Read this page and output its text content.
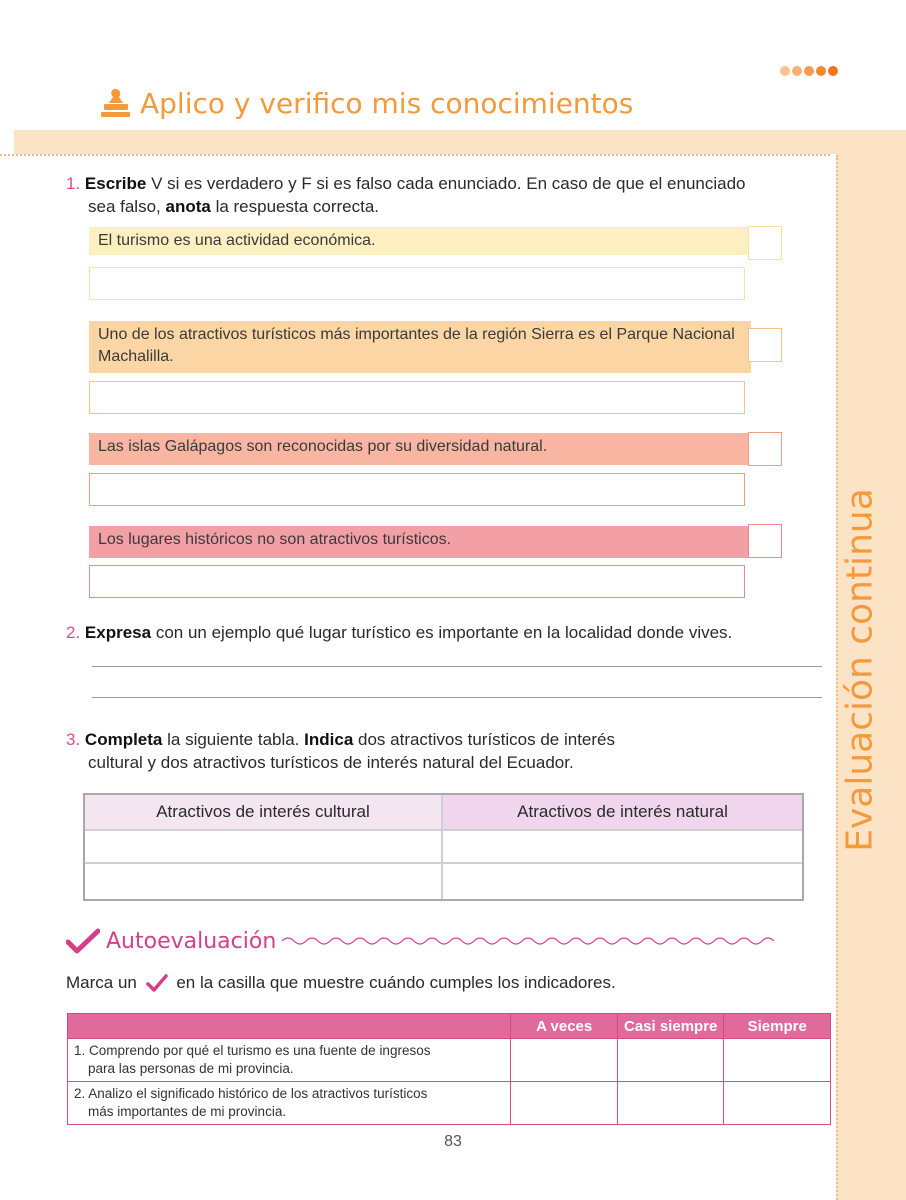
Evaluación continua
Aplico y verifico mis conocimientos
1. Escribe V si es verdadero y F si es falso cada enunciado. En caso de que el enunciado
sea falso, anota la respuesta correcta.
El turismo es una actividad económica.
Uno de los atractivos turísticos más importantes de la región Sierra es el Parque Nacional Machalilla.
Las islas Galápagos son reconocidas por su diversidad natural.
Los lugares históricos no son atractivos turísticos.
2. Expresa con un ejemplo qué lugar turístico es importante en la localidad donde vives.
3. Completa la siguiente tabla. Indica dos atractivos turísticos de interés
cultural y dos atractivos turísticos de interés natural del Ecuador.
Atractivos de interés cultural	Atractivos de interés natural
Autoevaluación
Marca un en la casilla que muestre cuándo cumples los indicadores.
	A veces	Casi siempre	Siempre

1. Comprendo por qué el turismo es una fuente de ingresos
para las personas de mi provincia.			

2. Analizo el significado histórico de los atractivos turísticos
más importantes de mi provincia.			

83
